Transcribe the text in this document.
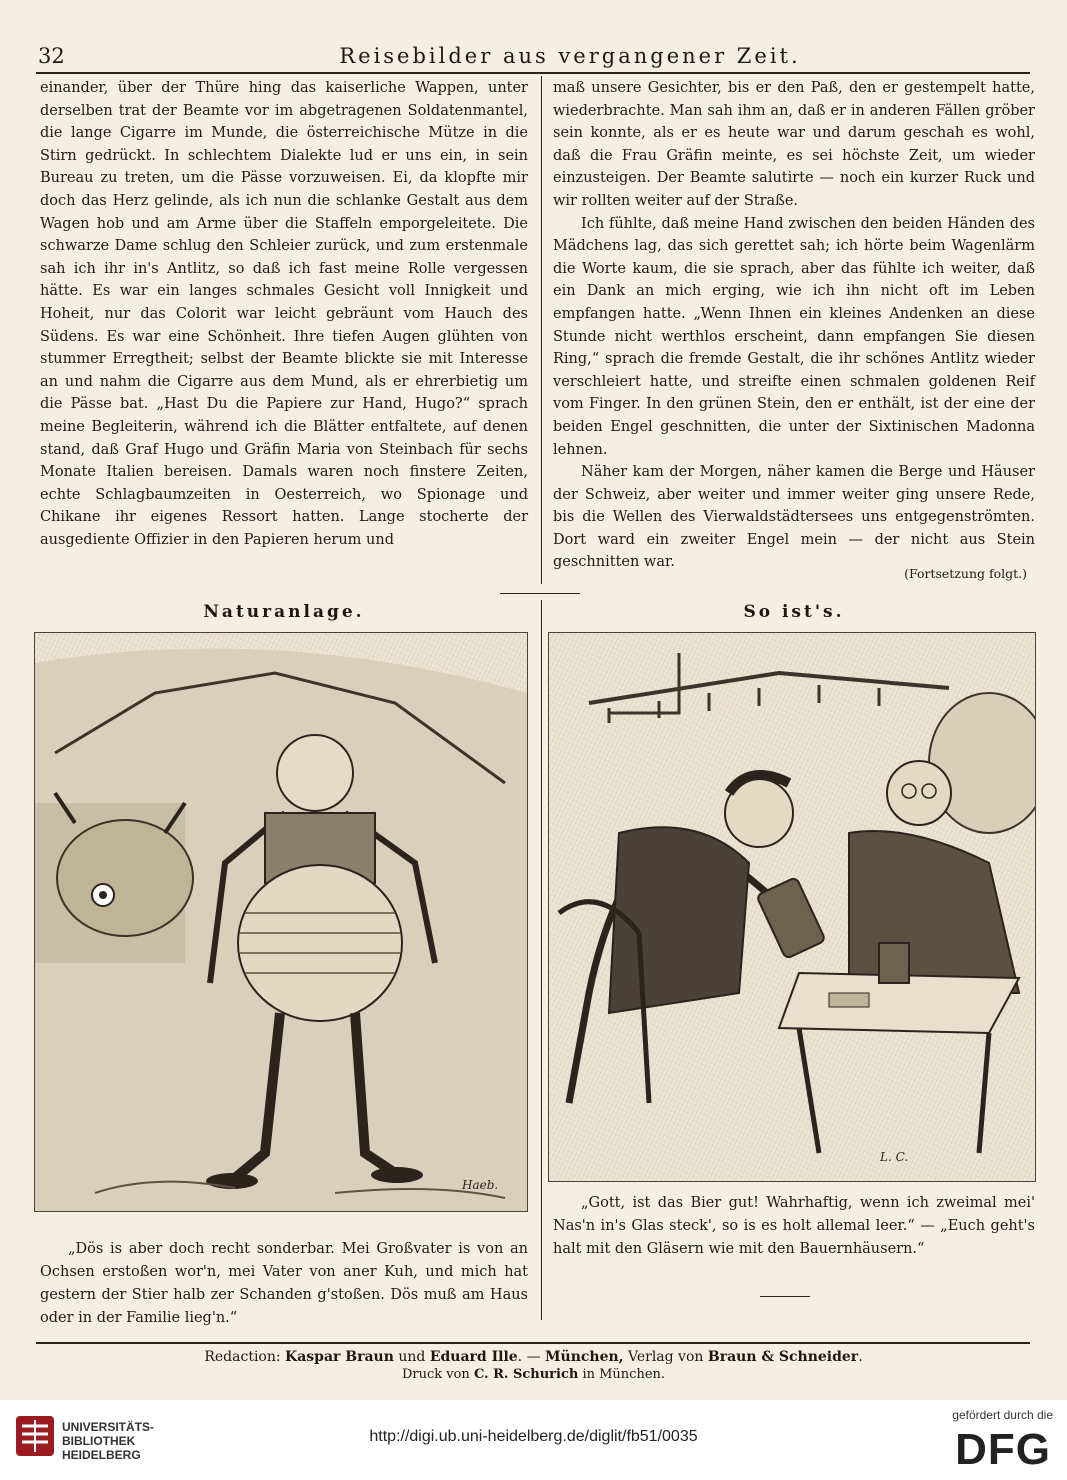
32	Reisebilder aus vergangener Zeit.

einander, über der Thüre hing das kaiserliche Wappen, unter derselben trat der Beamte vor im abgetragenen Soldatenmantel, die lange Cigarre im Munde, die österreichische Mütze in die Stirn gedrückt. In schlechtem Dialekte lud er uns ein, in sein Bureau zu treten, um die Pässe vorzuweisen. Ei, da klopfte mir doch das Herz gelinde, als ich nun die schlanke Gestalt aus dem Wagen hob und am Arme über die Staffeln emporgeleitete. Die schwarze Dame schlug den Schleier zurück, und zum erstenmale sah ich ihr in's Antlitz, so daß ich fast meine Rolle vergessen hätte. Es war ein langes schmales Gesicht voll Innigkeit und Hoheit, nur das Colorit war leicht gebräunt vom Hauch des Südens. Es war eine Schönheit. Ihre tiefen Augen glühten von stummer Erregtheit; selbst der Beamte blickte sie mit Interesse an und nahm die Cigarre aus dem Mund, als er ehrerbietig um die Pässe bat. „Hast Du die Papiere zur Hand, Hugo?“ sprach meine Begleiterin, während ich die Blätter entfaltete, auf denen stand, daß Graf Hugo und Gräfin Maria von Steinbach für sechs Monate Italien bereisen. Damals waren noch finstere Zeiten, echte Schlagbaumzeiten in Oesterreich, wo Spionage und Chikane ihr eigenes Ressort hatten. Lange stocherte der ausgediente Offizier in den Papieren herum und

maß unsere Gesichter, bis er den Paß, den er gestempelt hatte, wiederbrachte. Man sah ihm an, daß er in anderen Fällen gröber sein konnte, als er es heute war und darum geschah es wohl, daß die Frau Gräfin meinte, es sei höchste Zeit, um wieder einzusteigen. Der Beamte salutirte — noch ein kurzer Ruck und wir rollten weiter auf der Straße.

Ich fühlte, daß meine Hand zwischen den beiden Händen des Mädchens lag, das sich gerettet sah; ich hörte beim Wagenlärm die Worte kaum, die sie sprach, aber das fühlte ich weiter, daß ein Dank an mich erging, wie ich ihn nicht oft im Leben empfangen hatte. „Wenn Ihnen ein kleines Andenken an diese Stunde nicht werthlos erscheint, dann empfangen Sie diesen Ring,“ sprach die fremde Gestalt, die ihr schönes Antlitz wieder verschleiert hatte, und streifte einen schmalen goldenen Reif vom Finger. In den grünen Stein, den er enthält, ist der eine der beiden Engel geschnitten, die unter der Sixtinischen Madonna lehnen.

Näher kam der Morgen, näher kamen die Berge und Häuser der Schweiz, aber weiter und immer weiter ging unsere Rede, bis die Wellen des Vierwaldstädtersees uns entgegenströmten. Dort ward ein zweiter Engel mein — der nicht aus Stein geschnitten war.

(Fortsetzung folgt.)
Naturanlage.

„Dös is aber doch recht sonderbar. Mei Großvater is von an Ochsen erstoßen wor'n, mei Vater von aner Kuh, und mich hat gestern der Stier halb zer Schanden g'stoßen. Dös muß am Haus oder in der Familie lieg'n.“

Haeb.
So ist's.
L. C.

„Gott, ist das Bier gut! Wahrhaftig, wenn ich zweimal mei' Nas'n in's Glas steck', so is es holt allemal leer.“ — „Euch geht's halt mit den Gläsern wie mit den Bauernhäusern.“

Redaction: Kaspar Braun und Eduard Ille. — München, Verlag von Braun & Schneider.
Druck von C. R. Schurich in München.
UNIVERSITÄTS-
BIBLIOTHEK
HEIDELBERG
http://digi.ub.uni-heidelberg.de/diglit/fb51/0035
gefördert durch die
DFG
